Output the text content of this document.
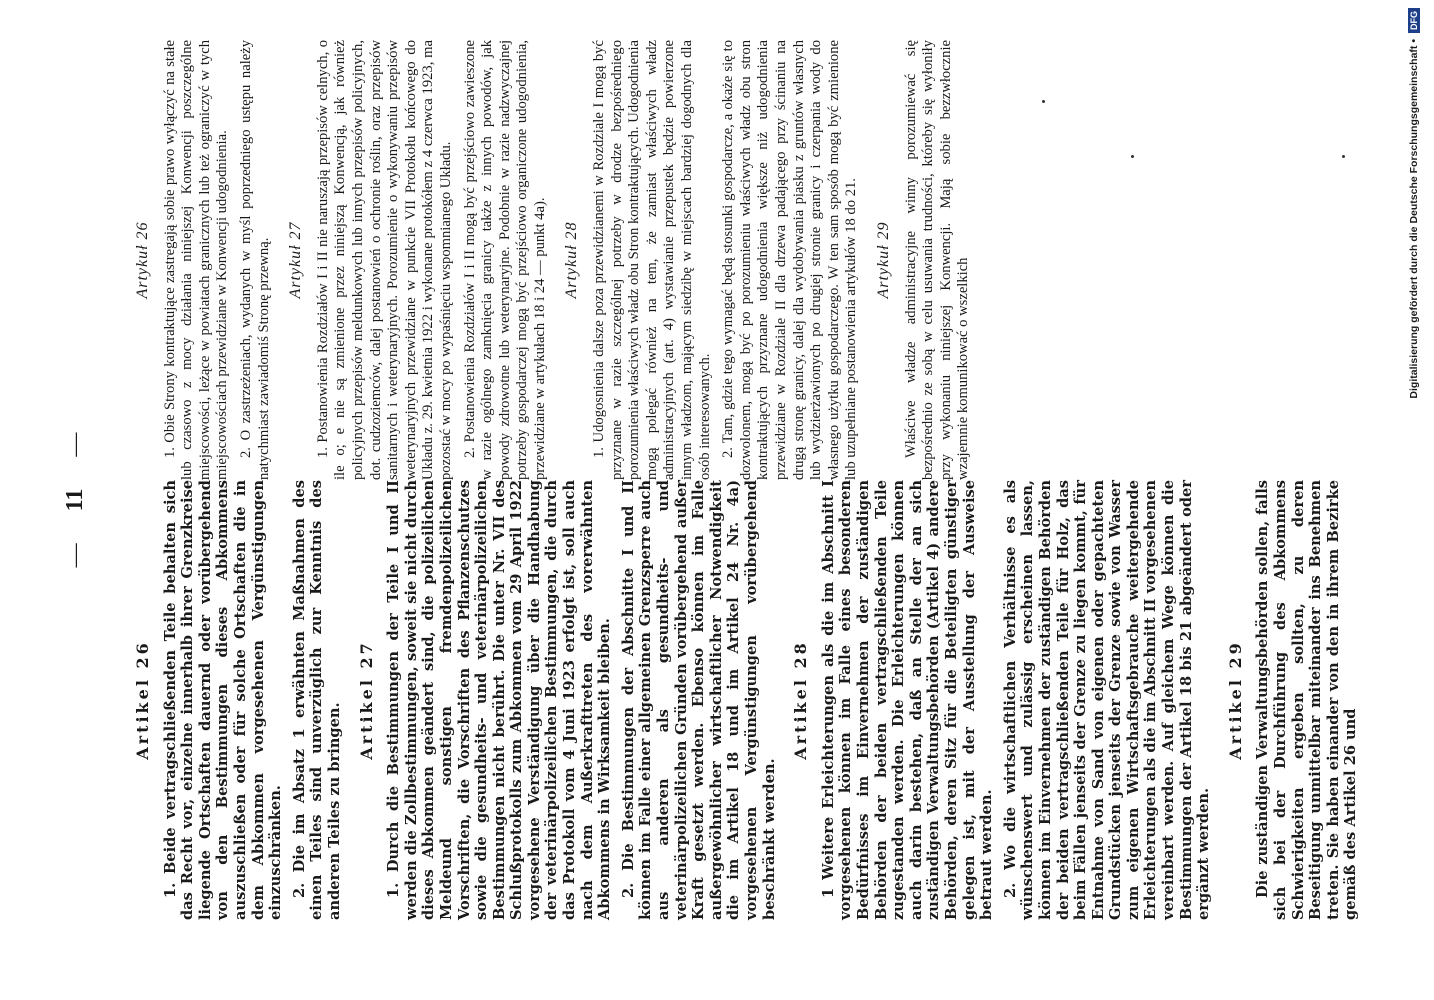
— 11 —
Artikel 26 1. Beide vertragschließenden Teile behalten sich das Recht vor, einzelne innerhalb ihrer Grenzkreise liegende Ortschaften dauernd oder vorübergehend von den Bestimmungen dieses Abkommens auszuschließen oder für solche Ortschaften die in dem Abkommen vorgesehenen Vergünstigungen einzuschränken. 2. Die im Absatz 1 erwähnten Maßnahmen des einen Teiles sind unverzüglich zur Kenntnis des anderen Teiles zu bringen.

Artikel 27 1. Durch die Bestimmungen der Teile I und II werden die Zollbestimmungen, soweit sie nicht durch dieses Abkommen geändert sind, die polizeilichen Meldeund sonstigen fremdenpolizeilichen Vorschriften, die Vorschriften des Pflanzenschutzes sowie die gesundheits- und veterinärpolizeilichen Bestimmungen nicht berührt. Die unter Nr. VII des Schlußprotokolls zum Abkommen vom 29 April 1922 vorgesehene Verständigung über die Handhabung der veterinärpolizeilichen Bestimmungen, die durch das Protokoll vom 4 Juni 1923 erfolgt ist, soll auch nach dem Außerkrafttreten des vorerwähnten Abkommens in Wirksamkeit bleiben. 2. Die Bestimmungen der Abschnitte I und II können im Falle einer allgemeinen Grenzsperre auch aus anderen als gesundheits- und veterinärpolizeilichen Gründen vorübergehend außer Kraft gesetzt werden. Ebenso können im Falle außergewöhnlicher wirtschaftlicher Notwendigkeit die im Artikel 18 und im Artikel 24 Nr. 4a) vorgesehenen Vergünstigungen vorübergehend beschränkt werden.

Artikel 28 1 Weitere Erleichterungen als die im Abschnitt I vorgesehenen können im Falle eines besonderen Bedürfnisses im Einvernehmen der zuständigen Behörden der beiden vertragschließenden Teile zugestanden werden. Die Erleichterungen können auch darin bestehen, daß an Stelle der an sich zuständigen Verwaltungsbehörden (Artikel 4) andere Behörden, deren Sitz für die Beteiligten günstiger gelegen ist, mit der Ausstellung der Ausweise betraut werden. 2. Wo die wirtschaftlichen Verhältnisse es als wünschenswert und zulässig erscheinen lassen, können im Einvernehmen der zuständigen Behörden der beiden vertragschließenden Teile für Holz, das beim Fällen jenseits der Grenze zu liegen kommt, für Entnahme von Sand von eigenen oder gepachteten Grundstücken jenseits der Grenze sowie von Wasser zum eigenen Wirtschaftsgebrauche weitergehende Erleichterungen als die im Abschnitt II vorgesehenen vereinbart werden. Auf gleichem Wege können die Bestimmungen der Artikel 18 bis 21 abgeändert oder ergänzt werden.

Artikel 29 Die zuständigen Verwaltungsbehörden sollen, falls sich bei der Durchführung des Abkommens Schwierigkeiten ergeben sollten, zu deren Beseitigung unmittelbar miteinander ins Benehmen treten. Sie haben einander von den in ihrem Bezirke gemäß des Artikel 26 und

Artykuł 26 1. Obie Strony kontraktujące zastregają sobie prawo wyłączyć na stałe lub czasowo z mocy działania niniejszej Konwencji poszczególne miejscowości, leżące w powiatach granicznych lub też ograniczyć w tych miejscowościach przewidziane w Konwencji udogodnienia. 2. O zastrzeżeniach, wydanych w myśl poprzedniego ustępu należy natychmiast zawiadomiś Stronę przewną. Artykuł 27 1. Postanowienia Rozdziałów I i II nie naruszają przepisów celnych, o ile o; e nie są zmienione przez niniejszą Konwencją, jak również policyjnych przepisów meldunkowych lub innych przepisów policyjnych, dot. cudzoziemców, dalej postanowień o ochronie roślin, oraz przepisów sanitarnych i weterynaryjnych. Porozumienie o wykonywaniu przepisów weterynaryjnych przewidziane w punkcie VII Protokołu końcowego do Układu z. 29. kwietnia 1922 i wykonane protokółem z 4 czerwca 1923, ma pozostać w mocy po wypaśnięciu wspomnianego Układu. 2. Postanowienia Rozdziałów I i II mogą być przejściowo zawieszone w razie ogólnego zamknięcia granicy także z innych powodów, jak powody zdrowotne lub weterynaryjne. Podobnie w razie nadzwyczajnej potrzeby gospodarczej mogą być przejściowo organiczone udogodnienia, przewidziane w artykułach 18 i 24 — punkt 4a). Artykuł 28 1. Udogosnienia dalsze poza przewidzianemi w Rozdziale I mogą być przyznane w razie szczególnej potrzeby w drodze bezpośredniego porozumienia właściwych władz obu Stron kontraktujących. Udogodnienia mogą polegać również na tem, że zamiast właściwych władz administracyjnych (art. 4) wystawianie przepustek będzie powierzone innym władzom, mającym siedzibę w miejscach bardziej dogodnych dla osób interesowanych. 2. Tam, gdzie tego wymagać będą stosunki gospodarcze, a okaże się to dozwolonem, mogą być po porozumieniu właściwych władz obu stron kontraktujących przyznane udogodnienia większe niż udogodnienia przewidziane w Rozdziale II dla drzewa padającego przy ścinaniu na drugą stronę granicy, dalej dla wydobywania piasku z gruntów własnych lub wydzierżawionych po drugiej stronie granicy i czerpania wody do własnego użytku gospodarczego. W ten sam sposób mogą być zmienione lub uzupełniane postanowienia artykułów 18 do 21. Artykuł 29 Właściwe władze administracyjne winny porozumiewać się bezpośrednio ze sobą w celu usuwania trudności, któreby się wyłoniły przy wykonaniu niniejszej Konwencji. Mają sobie bezzwłocznie wzajemnie komunikować o wszelkich	Digitalisierung gefördert durch die Deutsche Forschungsgemeinschaft •
DFG
